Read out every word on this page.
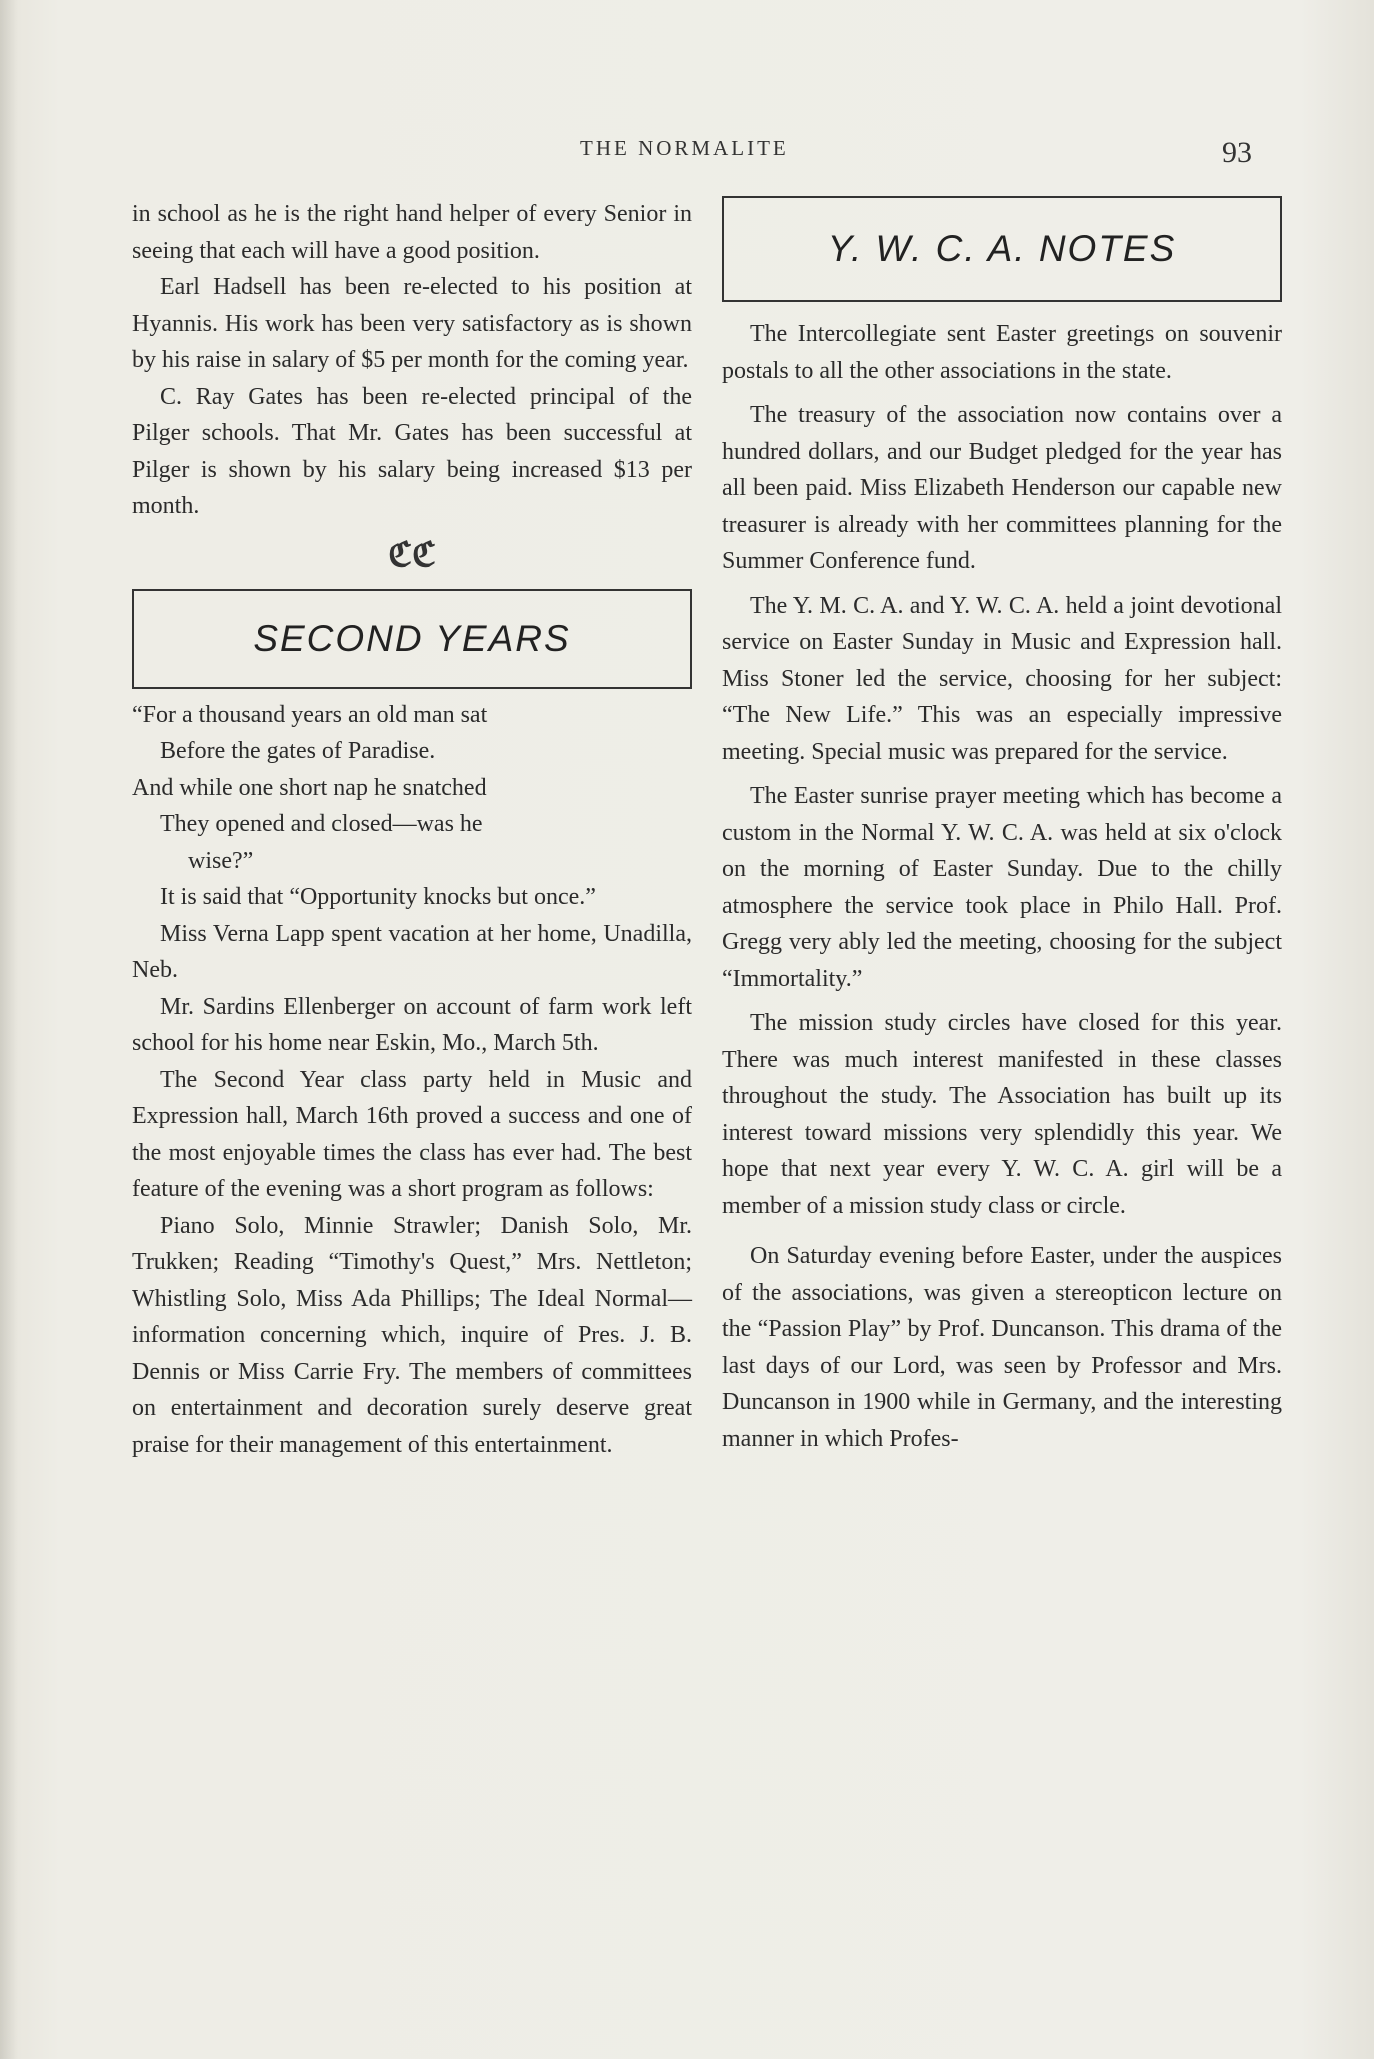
THE NORMALITE	93

in school as he is the right hand helper of every Senior in seeing that each will have a good position.

Earl Hadsell has been re-elected to his position at Hyannis. His work has been very satisfactory as is shown by his raise in salary of $5 per month for the coming year.

C. Ray Gates has been re-elected principal of the Pilger schools. That Mr. Gates has been successful at Pilger is shown by his salary being increased $13 per month.

ℭℭ
SECOND YEARS
“For a thousand years an old man sat
Before the gates of Paradise.
And while one short nap he snatched
They opened and closed—was he
wise?”

It is said that “Opportunity knocks but once.”

Miss Verna Lapp spent vacation at her home, Unadilla, Neb.

Mr. Sardins Ellenberger on account of farm work left school for his home near Eskin, Mo., March 5th.

The Second Year class party held in Music and Expression hall, March 16th proved a success and one of the most enjoyable times the class has ever had. The best feature of the evening was a short program as follows:

Piano Solo, Minnie Strawler; Danish Solo, Mr. Trukken; Reading “Timothy's Quest,” Mrs. Nettleton; Whistling Solo, Miss Ada Phillips; The Ideal Normal—information concerning which, inquire of Pres. J. B. Dennis or Miss Carrie Fry. The members of committees on entertainment and decoration surely deserve great praise for their management of this entertainment.

Y. W. C. A. NOTES

The Intercollegiate sent Easter greetings on souvenir postals to all the other associations in the state.

The treasury of the association now contains over a hundred dollars, and our Budget pledged for the year has all been paid. Miss Elizabeth Henderson our capable new treasurer is already with her committees planning for the Summer Conference fund.

The Y. M. C. A. and Y. W. C. A. held a joint devotional service on Easter Sunday in Music and Expression hall. Miss Stoner led the service, choosing for her subject: “The New Life.” This was an especially impressive meeting. Special music was prepared for the service.

The Easter sunrise prayer meeting which has become a custom in the Normal Y. W. C. A. was held at six o'clock on the morning of Easter Sunday. Due to the chilly atmosphere the service took place in Philo Hall. Prof. Gregg very ably led the meeting, choosing for the subject “Immortality.”

The mission study circles have closed for this year. There was much interest manifested in these classes throughout the study. The Association has built up its interest toward missions very splendidly this year. We hope that next year every Y. W. C. A. girl will be a member of a mission study class or circle.

On Saturday evening before Easter, under the auspices of the associations, was given a stereopticon lecture on the “Passion Play” by Prof. Duncanson. This drama of the last days of our Lord, was seen by Professor and Mrs. Duncanson in 1900 while in Germany, and the interesting manner in which Profes-
